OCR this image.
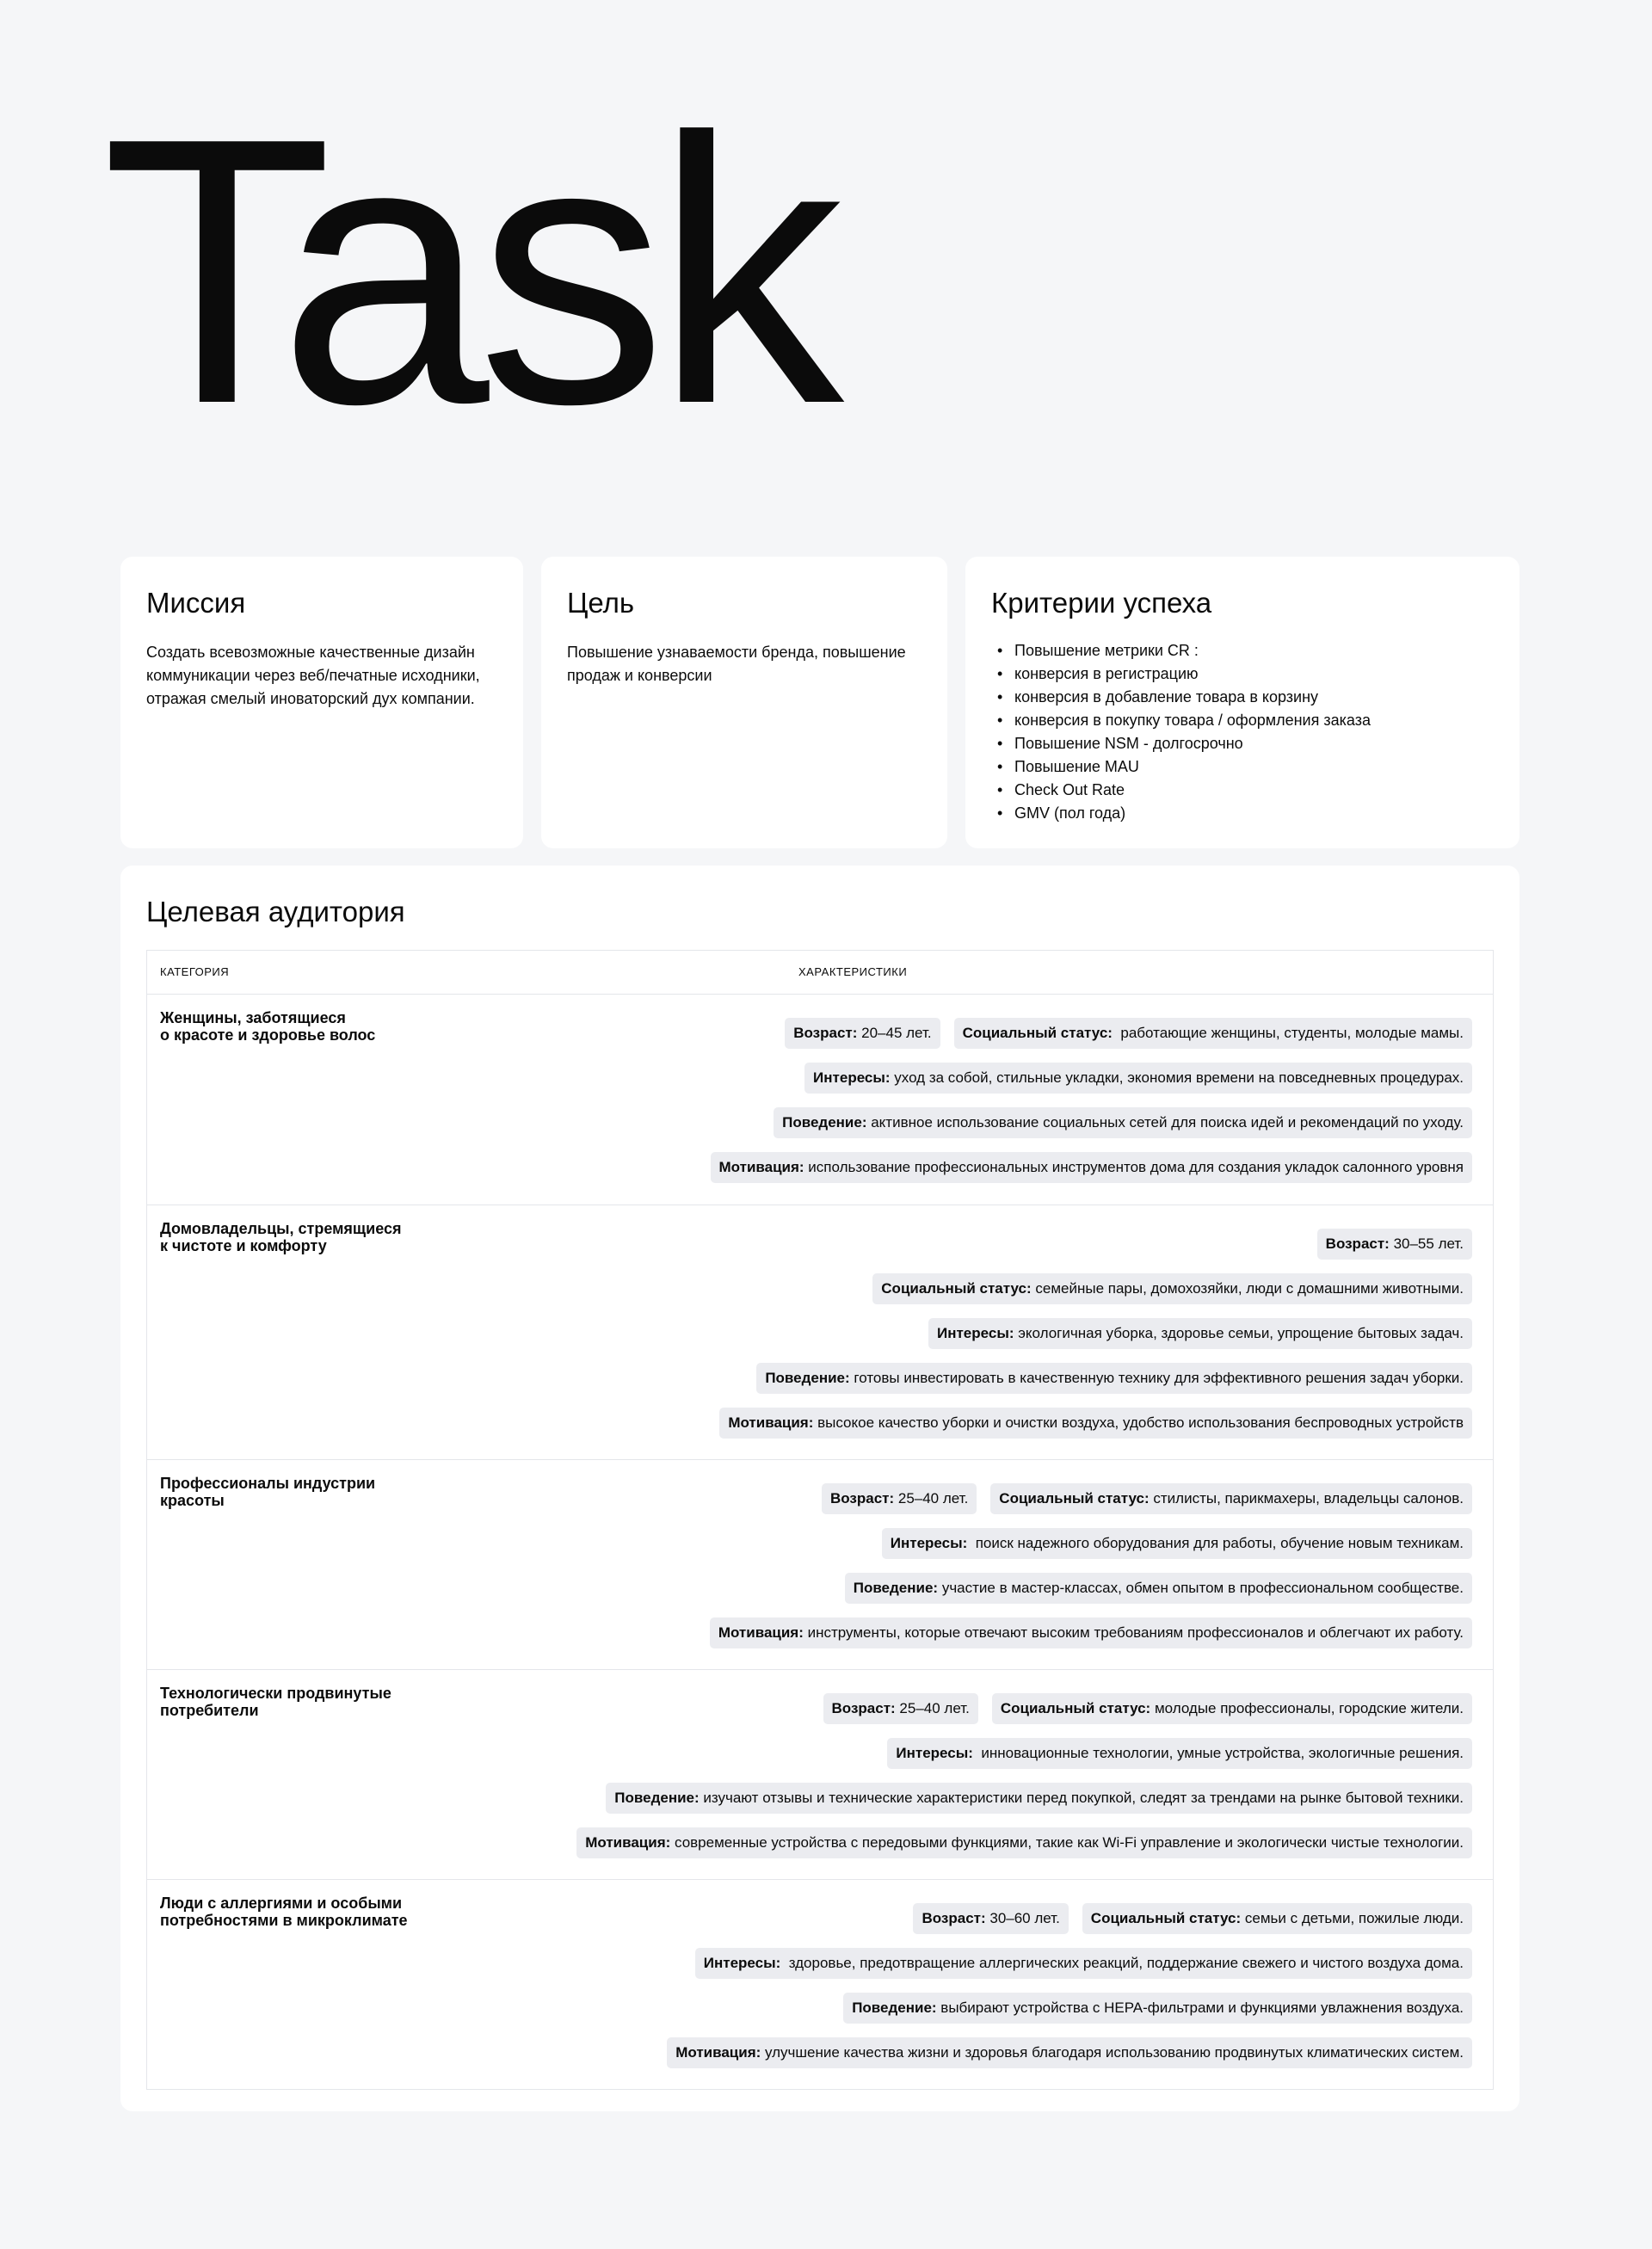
Task
Миссия

Создать всевозможные качественные дизайн коммуникации через веб/печатные исходники, отражая смелый иноваторский дух компании.

Цель

Повышение узнаваемости бренда, повышение продаж и конверсии

Критерии успеха
• Повышение метрики CR :
• конверсия в регистрацию
• конверсия в добавление товара в корзину
• конверсия в покупку товара / оформления заказа
• Повышение NSM - долгосрочно
• Повышение MAU
• Check Out Rate
• GMV (пол года)
Целевая аудитория
КАТЕГОРИЯ	ХАРАКТЕРИСТИКИ
Женщины, заботящиеся
о красоте и здоровье волос	Возраст: 20–45 лет.	Социальный статус:  работающие женщины, студенты, молодые мамы.
Интересы: уход за собой, стильные укладки, экономия времени на повседневных процедурах.
Поведение: активное использование социальных сетей для поиска идей и рекомендаций по уходу.
Мотивация: использование профессиональных инструментов дома для создания укладок салонного уровня
Домовладельцы, стремящиеся
к чистоте и комфорту	Возраст: 30–55 лет.
Социальный статус: семейные пары, домохозяйки, люди с домашними животными.
Интересы: экологичная уборка, здоровье семьи, упрощение бытовых задач.
Поведение: готовы инвестировать в качественную технику для эффективного решения задач уборки.
Мотивация: высокое качество уборки и очистки воздуха, удобство использования беспроводных устройств
Профессионалы индустрии
красоты	Возраст: 25–40 лет.	Социальный статус: стилисты, парикмахеры, владельцы салонов.
Интересы:  поиск надежного оборудования для работы, обучение новым техникам.
Поведение: участие в мастер-классах, обмен опытом в профессиональном сообществе.
Мотивация: инструменты, которые отвечают высоким требованиям профессионалов и облегчают их работу.
Технологически продвинутые
потребители	Возраст: 25–40 лет.	Социальный статус: молодые профессионалы, городские жители.
Интересы:  инновационные технологии, умные устройства, экологичные решения.
Поведение: изучают отзывы и технические характеристики перед покупкой, следят за трендами на рынке бытовой техники.
Мотивация: современные устройства с передовыми функциями, такие как Wi-Fi управление и экологически чистые технологии.
Люди с аллергиями и особыми
потребностями в микроклимате	Возраст: 30–60 лет.	Социальный статус: семьи с детьми, пожилые люди.
Интересы:  здоровье, предотвращение аллергических реакций, поддержание свежего и чистого воздуха дома.
Поведение: выбирают устройства с HEPA-фильтрами и функциями увлажнения воздуха.
Мотивация: улучшение качества жизни и здоровья благодаря использованию продвинутых климатических систем.
